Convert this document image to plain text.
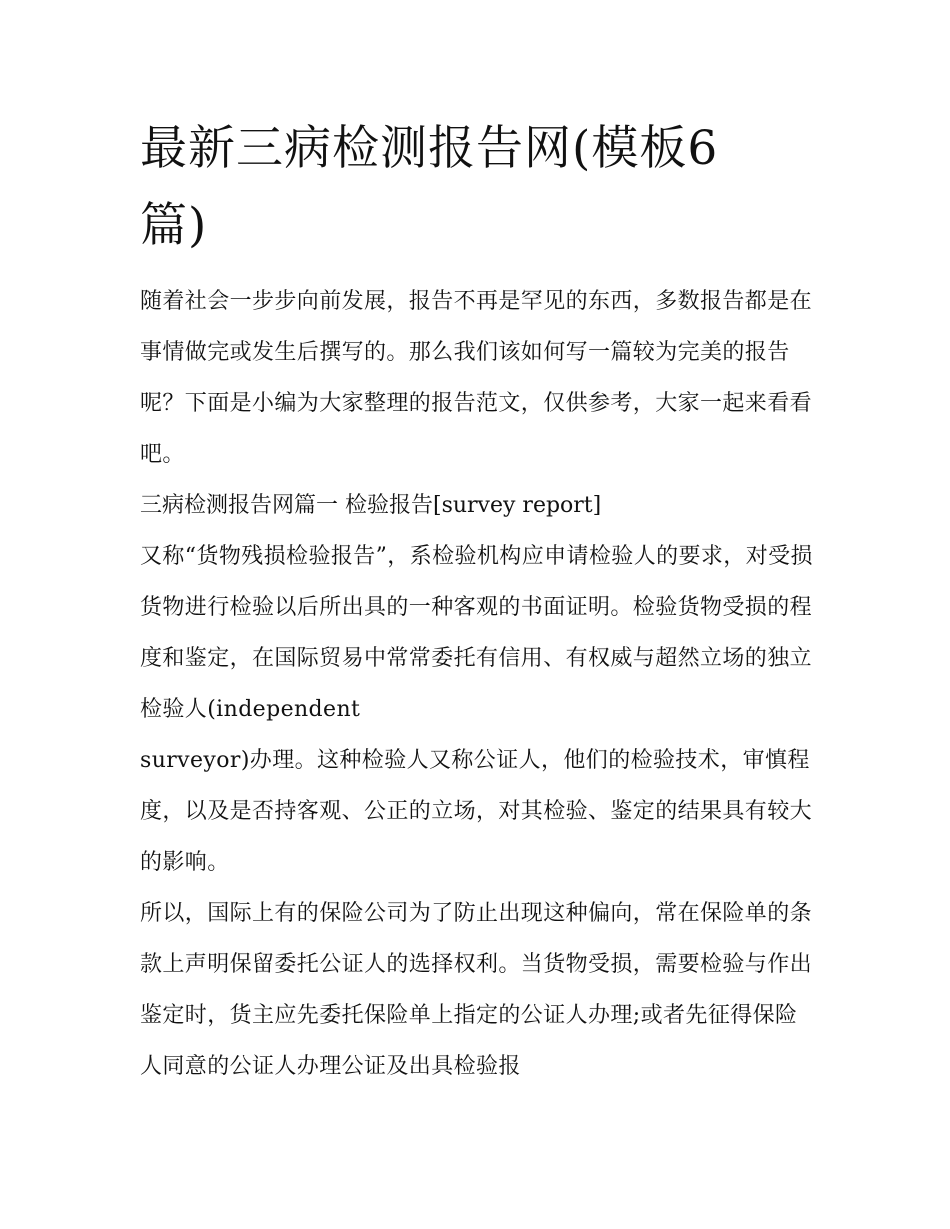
最新三病检测报告网(模板6篇)

随着社会一步步向前发展，报告不再是罕见的东西，多数报告都是在事情做完或发生后撰写的。那么我们该如何写一篇较为完美的报告呢？下面是小编为大家整理的报告范文，仅供参考，大家一起来看看吧。

三病检测报告网篇一 检验报告[survey report]

又称“货物残损检验报告”，系检验机构应申请检验人的要求，对受损货物进行检验以后所出具的一种客观的书面证明。检验货物受损的程度和鉴定，在国际贸易中常常委托有信用、有权威与超然立场的独立检验人(independent

surveyor)办理。这种检验人又称公证人，他们的检验技术，审慎程度，以及是否持客观、公正的立场，对其检验、鉴定的结果具有较大的影响。

所以，国际上有的保险公司为了防止出现这种偏向，常在保险单的条款上声明保留委托公证人的选择权利。当货物受损，需要检验与作出鉴定时，货主应先委托保险单上指定的公证人办理;或者先征得保险人同意的公证人办理公证及出具检验报
